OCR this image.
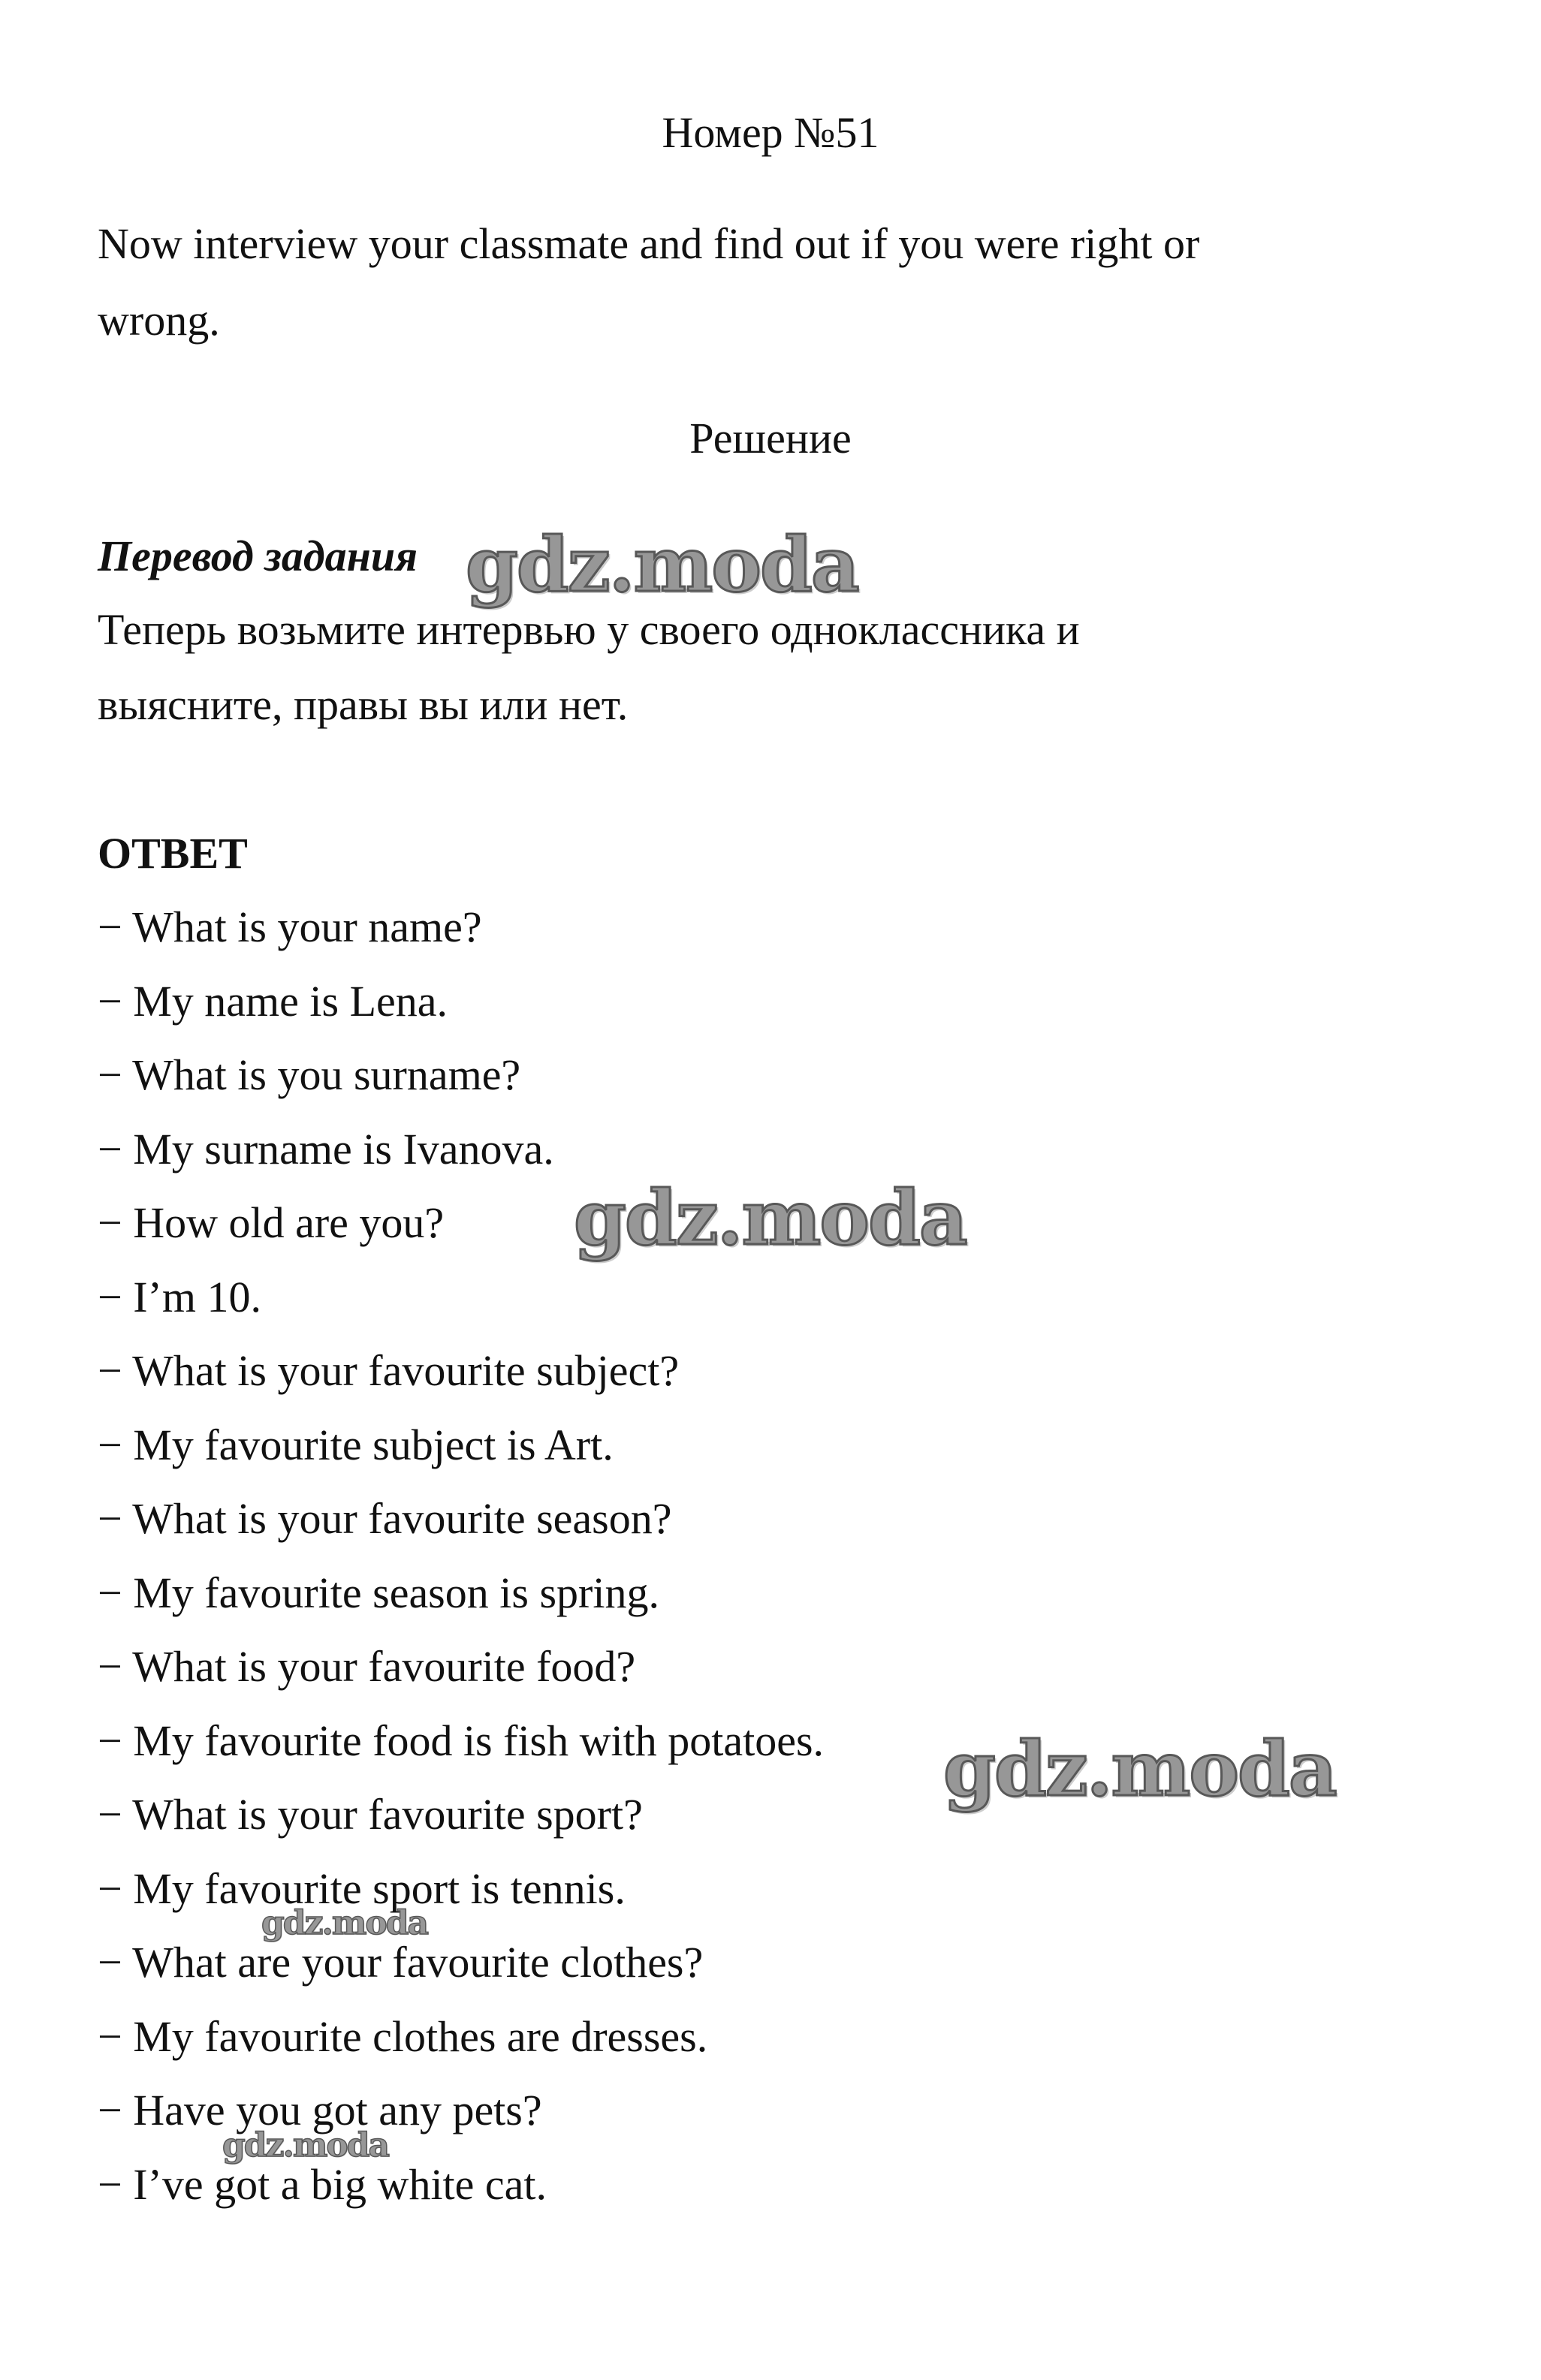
Номер №51
Now interview your classmate and find out if you were right or
wrong.
Решение
Перевод задания
Теперь возьмите интервью у своего одноклассника и
выясните, правы вы или нет.
ОТВЕТ
− What is your name?
− My name is Lena.
− What is you surname?
− My surname is Ivanova.
− How old are you?
− I’m 10.
− What is your favourite subject?
− My favourite subject is Art.
− What is your favourite season?
− My favourite season is spring.
− What is your favourite food?
− My favourite food is fish with potatoes.
− What is your favourite sport?
− My favourite sport is tennis.
− What are your favourite clothes?
− My favourite clothes are dresses.
− Have you got any pets?
− I’ve got a big white cat.
gdz.moda
gdz.moda
gdz.moda
gdz.moda
gdz.moda
